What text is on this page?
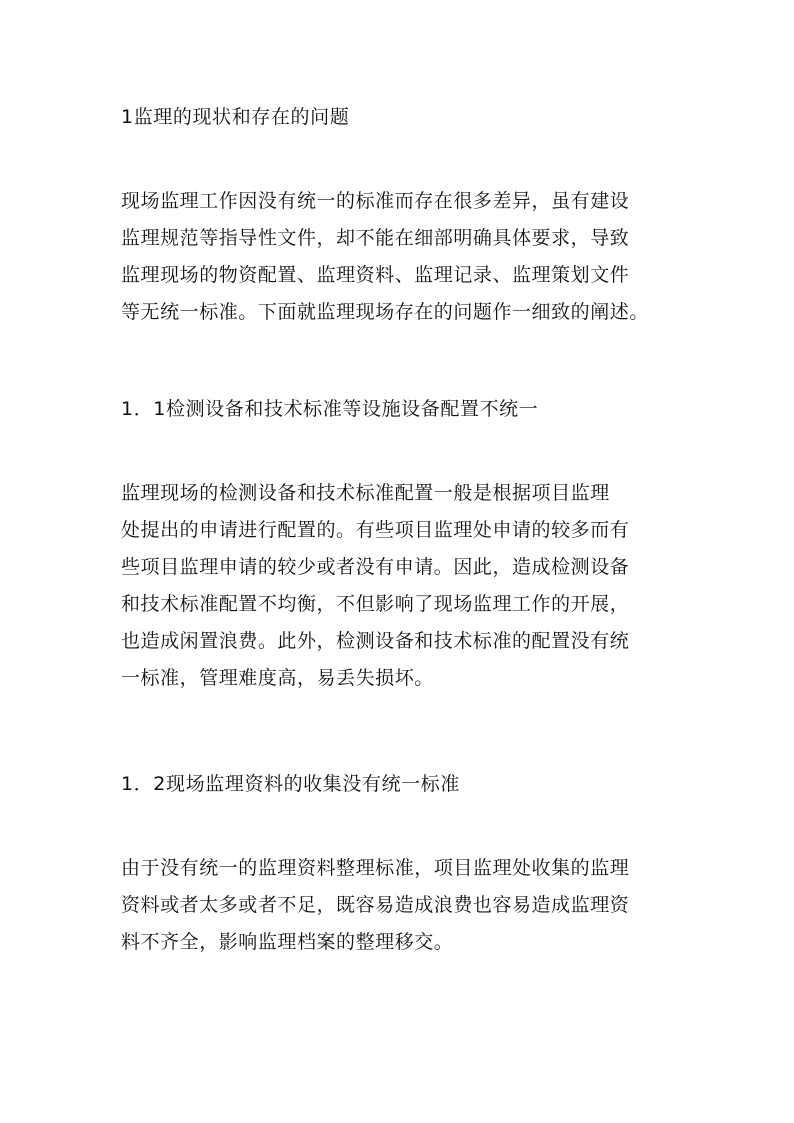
1监理的现状和存在的问题
现场监理工作因没有统一的标准而存在很多差异，虽有建设
监理规范等指导性文件，却不能在细部明确具体要求，导致
监理现场的物资配置、监理资料、监理记录、监理策划文件
等无统一标准。下面就监理现场存在的问题作一细致的阐述。
1．1检测设备和技术标准等设施设备配置不统一
监理现场的检测设备和技术标准配置一般是根据项目监理
处提出的申请进行配置的。有些项目监理处申请的较多而有
些项目监理申请的较少或者没有申请。因此，造成检测设备
和技术标准配置不均衡，不但影响了现场监理工作的开展，
也造成闲置浪费。此外，检测设备和技术标准的配置没有统
一标准，管理难度高，易丢失损坏。
1．2现场监理资料的收集没有统一标准
由于没有统一的监理资料整理标准，项目监理处收集的监理
资料或者太多或者不足，既容易造成浪费也容易造成监理资
料不齐全，影响监理档案的整理移交。
